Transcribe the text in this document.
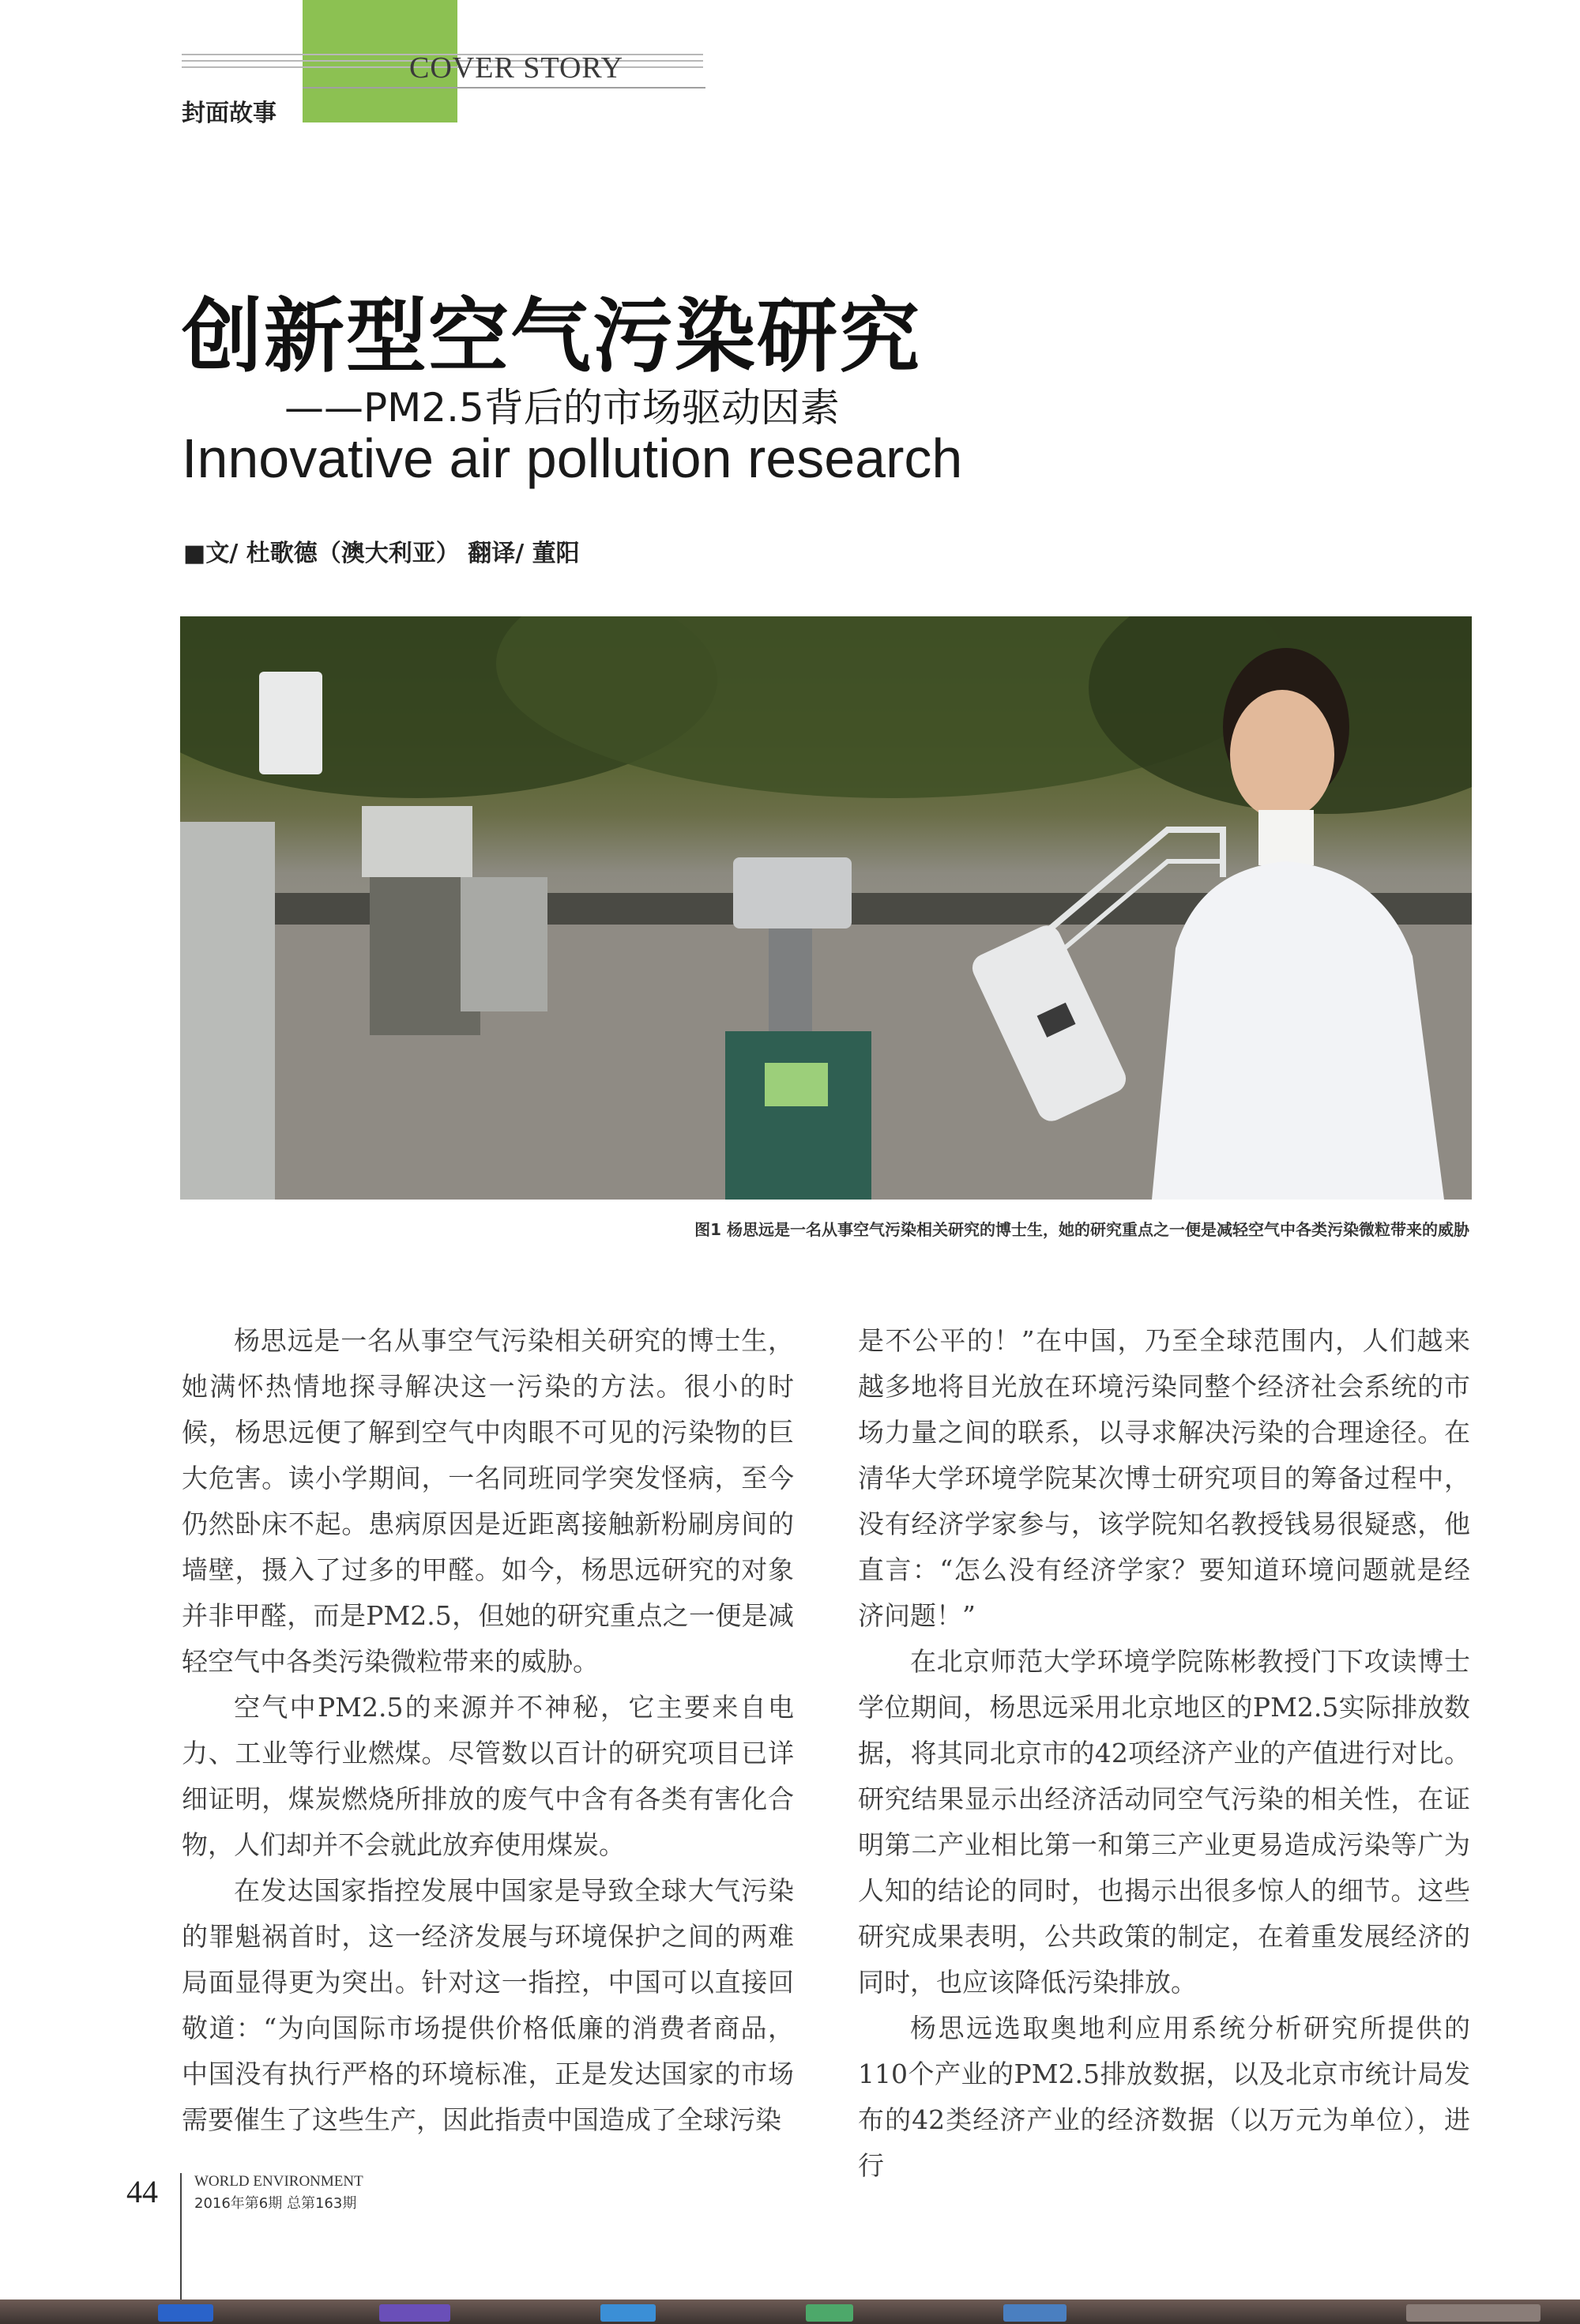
COVER STORY
封面故事
创新型空气污染研究
——PM2.5背后的市场驱动因素
Innovative air pollution research
■文/ 杜歌德（澳大利亚） 翻译/ 董阳
图1 杨思远是一名从事空气污染相关研究的博士生，她的研究重点之一便是减轻空气中各类污染微粒带来的威胁

杨思远是一名从事空气污染相关研究的博士生，她满怀热情地探寻解决这一污染的方法。很小的时候，杨思远便了解到空气中肉眼不可见的污染物的巨大危害。读小学期间，一名同班同学突发怪病，至今仍然卧床不起。患病原因是近距离接触新粉刷房间的墙壁，摄入了过多的甲醛。如今，杨思远研究的对象并非甲醛，而是PM2.5，但她的研究重点之一便是减轻空气中各类污染微粒带来的威胁。

空气中PM2.5的来源并不神秘，它主要来自电力、工业等行业燃煤。尽管数以百计的研究项目已详细证明，煤炭燃烧所排放的废气中含有各类有害化合物，人们却并不会就此放弃使用煤炭。

在发达国家指控发展中国家是导致全球大气污染的罪魁祸首时，这一经济发展与环境保护之间的两难局面显得更为突出。针对这一指控，中国可以直接回敬道：“为向国际市场提供价格低廉的消费者商品，中国没有执行严格的环境标准，正是发达国家的市场需要催生了这些生产，因此指责中国造成了全球污染

是不公平的！”在中国，乃至全球范围内，人们越来越多地将目光放在环境污染同整个经济社会系统的市场力量之间的联系，以寻求解决污染的合理途径。在清华大学环境学院某次博士研究项目的筹备过程中，没有经济学家参与，该学院知名教授钱易很疑惑，他直言：“怎么没有经济学家？要知道环境问题就是经济问题！”

在北京师范大学环境学院陈彬教授门下攻读博士学位期间，杨思远采用北京地区的PM2.5实际排放数据，将其同北京市的42项经济产业的产值进行对比。研究结果显示出经济活动同空气污染的相关性，在证明第二产业相比第一和第三产业更易造成污染等广为人知的结论的同时，也揭示出很多惊人的细节。这些研究成果表明，公共政策的制定，在着重发展经济的同时，也应该降低污染排放。

杨思远选取奥地利应用系统分析研究所提供的110个产业的PM2.5排放数据，以及北京市统计局发布的42类经济产业的经济数据（以万元为单位），进行

44 WORLD ENVIRONMENT
2016年第6期 总第163期
